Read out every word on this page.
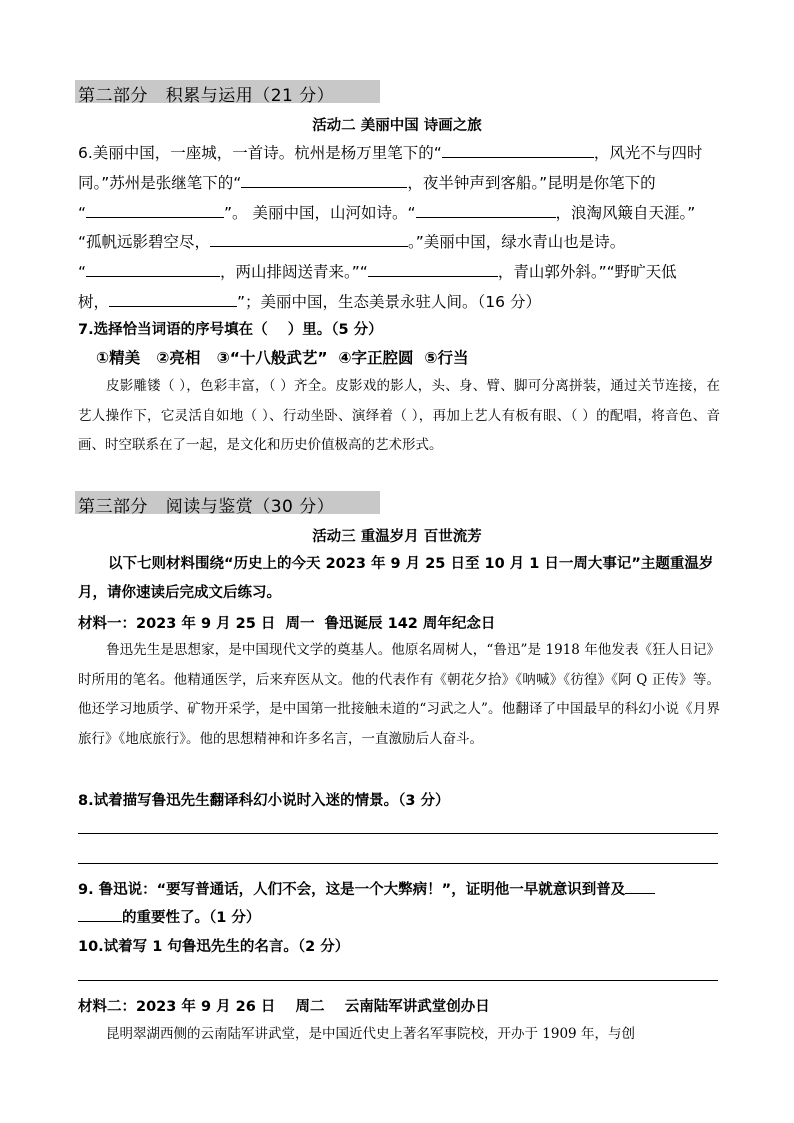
第二部分   积累与运用（21 分）
活动二 美丽中国 诗画之旅
6.美丽中国，一座城，一首诗。杭州是杨万里笔下的“	，风光不与四时
同。”苏州是张继笔下的“	，夜半钟声到客船。”昆明是你笔下的
“	”。 美丽中国，山河如诗。“	，浪淘风簸自天涯。”
“孤帆远影碧空尽，	。”美丽中国，绿水青山也是诗。
“	，两山排闼送青来。”“	，青山郭外斜。”“野旷天低
树，	”；美丽中国，生态美景永驻人间。（16 分）
7.选择恰当词语的序号填在（    ）里。（5 分）
①精美   ②亮相   ③“十八般武艺”  ④字正腔圆  ⑤行当
皮影雕镂（ ），色彩丰富，（ ）齐全。皮影戏的影人，头、身、臂、脚可分离拼装，通过关节连接，在艺人操作下，它灵活自如地（ ）、行动坐卧、演绎着（ ），再加上艺人有板有眼、（ ）的配唱，将音色、音画、时空联系在了一起，是文化和历史价值极高的艺术形式。
第三部分   阅读与鉴赏（30 分）
活动三 重温岁月 百世流芳
以下七则材料围绕“历史上的今天 2023 年 9 月 25 日至 10 月 1 日一周大事记”主题重温岁月，请你速读后完成文后练习。
材料一：2023 年 9 月 25 日  周一  鲁迅诞辰 142 周年纪念日
鲁迅先生是思想家，是中国现代文学的奠基人。他原名周树人，“鲁迅”是 1918 年他发表《狂人日记》时所用的笔名。他精通医学，后来弃医从文。他的代表作有《朝花夕拾》《呐喊》《彷徨》《阿 Q 正传》等。他还学习地质学、矿物开采学，是中国第一批接触未道的“习武之人”。他翻译了中国最早的科幻小说《月界旅行》《地底旅行》。他的思想精神和许多名言，一直激励后人奋斗。
8.试着描写鲁迅先生翻译科幻小说时入迷的情景。（3 分）
9. 鲁迅说：“要写普通话，人们不会，这是一个大弊病！”，证明他一早就意识到普及
的重要性了。（1 分）
10.试着写 1 句鲁迅先生的名言。（2 分）
材料二：2023 年 9 月 26 日    周二    云南陆军讲武堂创办日
昆明翠湖西侧的云南陆军讲武堂，是中国近代史上著名军事院校，开办于 1909 年，与创
